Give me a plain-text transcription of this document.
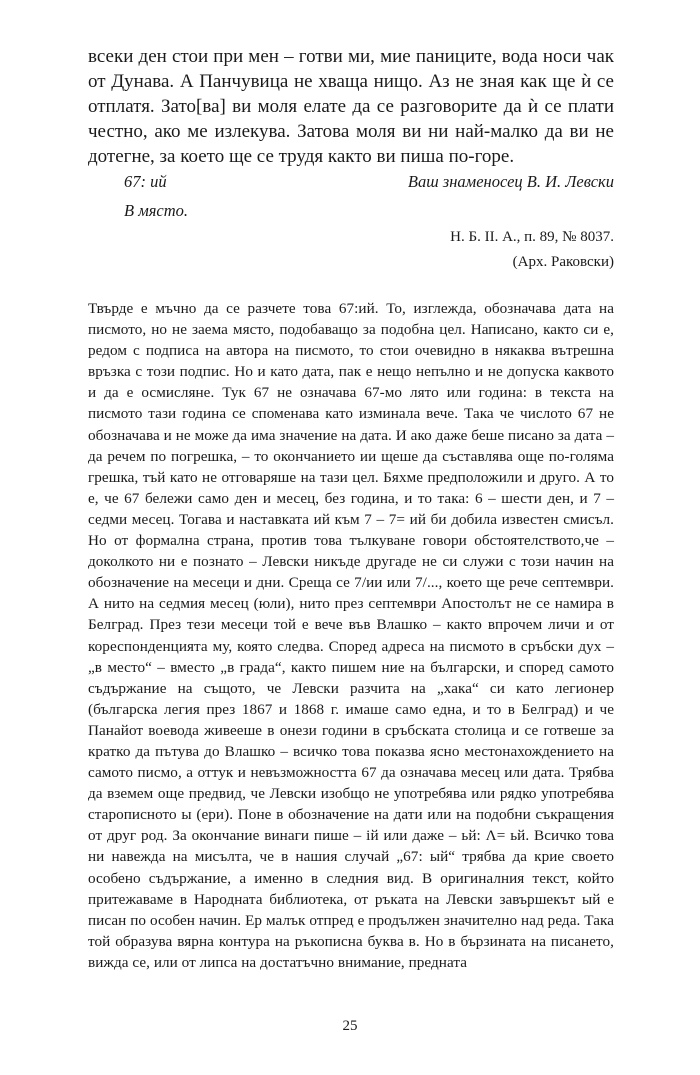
всеки ден стои при мен – готви ми, мие паниците, вода носи чак от Дунава. А Панчувица не хваща нищо. Аз не зная как ще ѝ се отплатя. Зато[ва] ви моля елате да се разговорите да ѝ се плати честно, ако ме излекува. Затова моля ви ни най-малко да ви не дотегне, за което ще се трудя както ви пиша по-горе.

67: ий	Ваш знаменосец В. И. Левски
В място.
Н. Б. II. А., п. 89, № 8037.
(Арх. Раковски)

Твърде е мъчно да се разчете това 67:ий. То, изглежда, обозначава дата на писмото, но не заема място, подобаващо за подобна цел. Написано, както си е, редом с подписа на автора на писмото, то стои очевидно в някаква вътрешна връзка с този подпис. Но и като дата, пак е нещо непълно и не допуска каквото и да е осмисляне. Тук 67 не означава 67-мо лято или година: в текста на писмото тази година се споменава като изминала вече. Така че числото 67 не обозначава и не може да има значение на дата. И ако даже беше писано за дата – да речем по погрешка, – то окончанието ии щеше да съставлява още по-голяма грешка, тъй като не отговаряше на тази цел. Бяхме предположили и друго. А то е, че 67 бележи само ден и месец, без година, и то така: 6 – шести ден, и 7 – седми месец. Тогава и наставката ий към 7 – 7= ий би добила известен смисъл. Но от формална страна, против това тълкуване говори обстоятелството,че – доколкото ни е познато – Левски никъде другаде не си служи с този начин на обозначение на месеци и дни. Среща се 7/ии или 7/..., което ще рече септември. А нито на седмия месец (юли), нито през септември Апостолът не се намира в Белград. През тези месеци той е вече във Влашко – както впрочем личи и от кореспонденцията му, която следва. Според адреса на писмото в сръбски дух – „в место“ – вместо „в града“, както пишем ние на български, и според самото съдържание на същото, че Левски разчита на „хака“ си като легионер (българска легия през 1867 и 1868 г. имаше само една, и то в Белград) и че Панайот воевода живееше в онези години в сръбската столица и се готвеше за кратко да пътува до Влашко – всичко това показва ясно местонахождението на самото писмо, а оттук и невъзможността 67 да означава месец или дата. Трябва да вземем още предвид, че Левски изобщо не употребява или рядко употребява старописното ы (ери). Поне в обозначение на дати или на подобни съкращения от друг род. За окончание винаги пише – ій или даже – ьй: Λ= ьй. Всичко това ни навежда на мисълта, че в нашия случай „67: ый“ трябва да крие своето особено съдържание, а именно в следния вид. В оригиналния текст, който притежаваме в Народната библиотека, от ръката на Левски завършекът ый е писан по особен начин. Ер малък отпред е продължен значително над реда. Така той образува вярна контура на ръкописна буква в. Но в бързината на писането, вижда се, или от липса на достатъчно внимание, предната

25
